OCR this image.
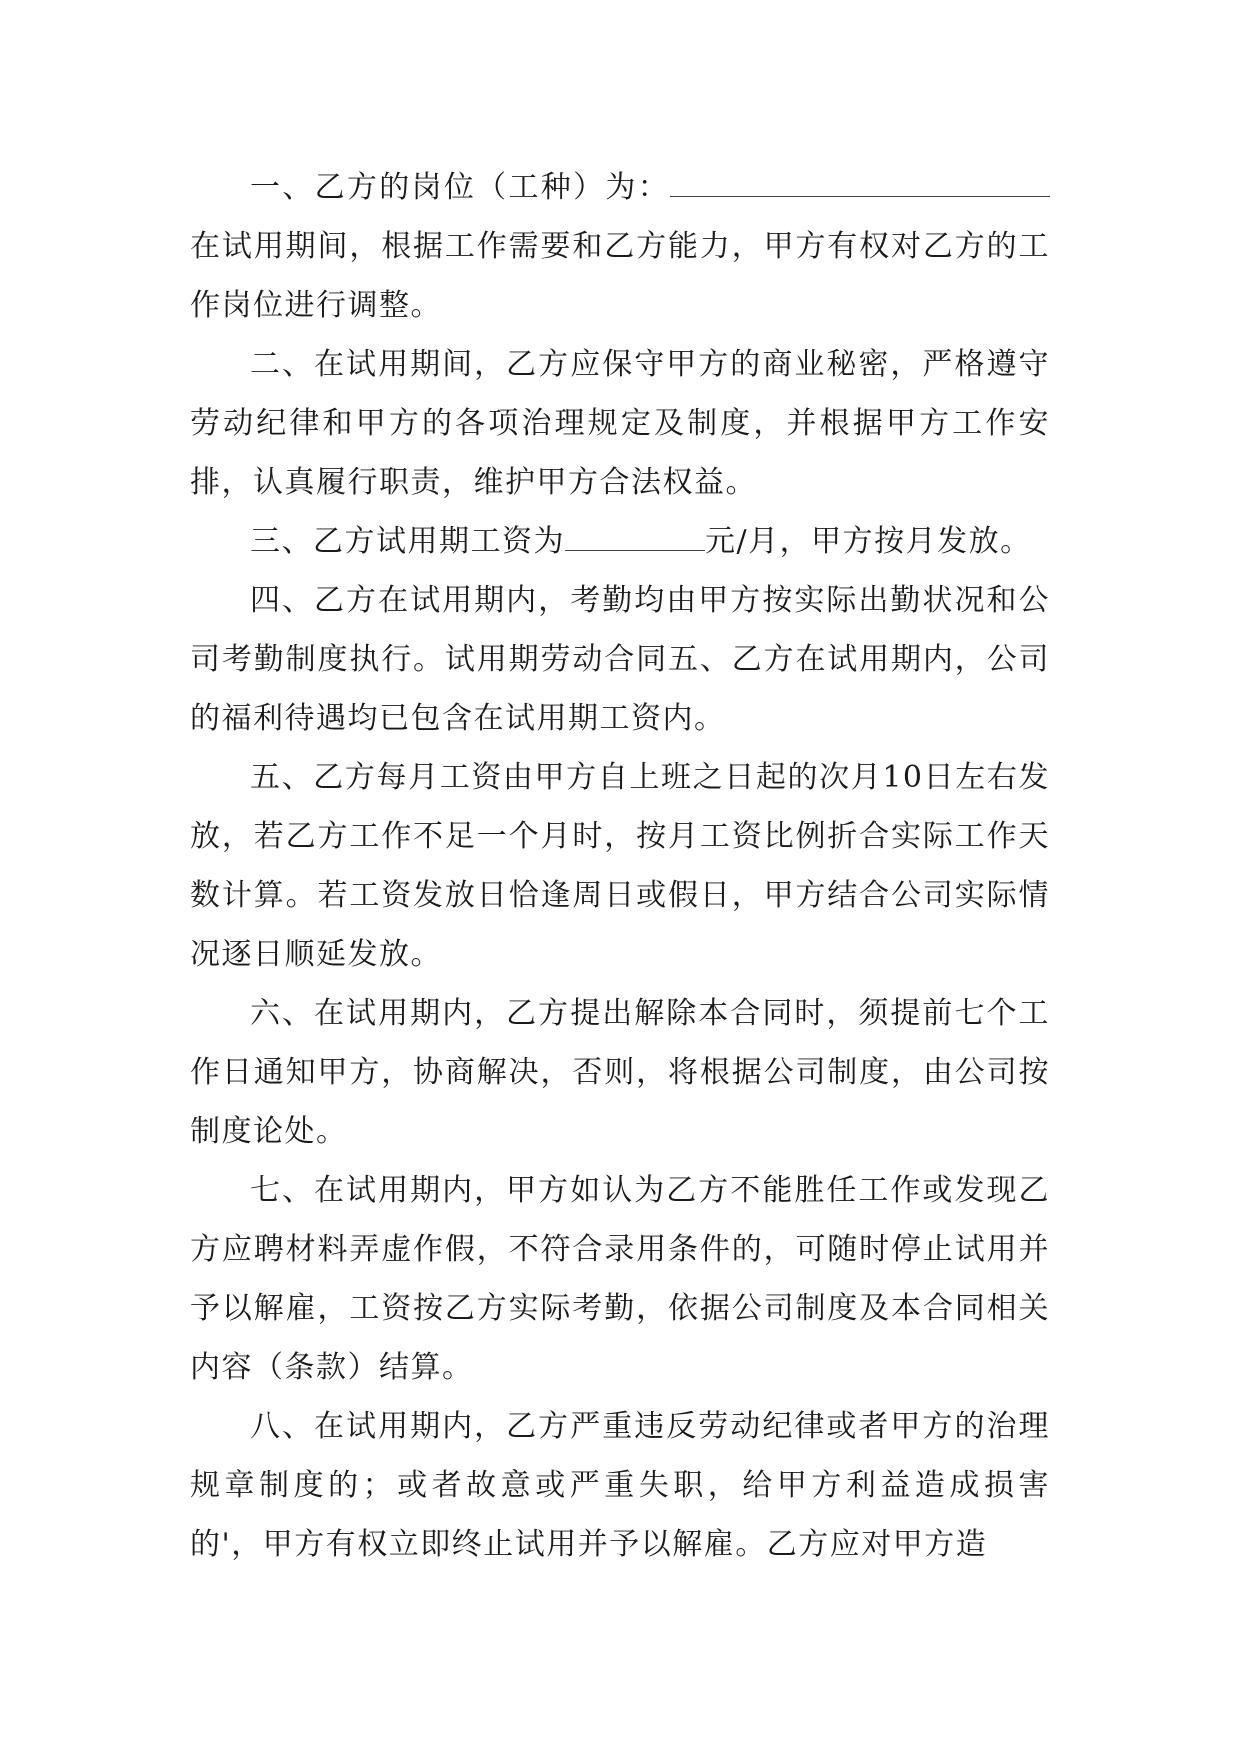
一、乙方的岗位（工种）为：在试用期间，根据工作需要和乙方能力，甲方有权对乙方的工作岗位进行调整。

二、在试用期间，乙方应保守甲方的商业秘密，严格遵守劳动纪律和甲方的各项治理规定及制度，并根据甲方工作安排，认真履行职责，维护甲方合法权益。

三、乙方试用期工资为	元/月，甲方按月发放。

四、乙方在试用期内，考勤均由甲方按实际出勤状况和公司考勤制度执行。试用期劳动合同五、乙方在试用期内，公司的福利待遇均已包含在试用期工资内。

五、乙方每月工资由甲方自上班之日起的次月10日左右发放，若乙方工作不足一个月时，按月工资比例折合实际工作天数计算。若工资发放日恰逢周日或假日，甲方结合公司实际情况逐日顺延发放。

六、在试用期内，乙方提出解除本合同时，须提前七个工作日通知甲方，协商解决，否则，将根据公司制度，由公司按制度论处。

七、在试用期内，甲方如认为乙方不能胜任工作或发现乙方应聘材料弄虚作假，不符合录用条件的，可随时停止试用并予以解雇，工资按乙方实际考勤，依据公司制度及本合同相关内容（条款）结算。

八、在试用期内，乙方严重违反劳动纪律或者甲方的治理规章制度的；或者故意或严重失职，给甲方利益造成损害的'，甲方有权立即终止试用并予以解雇。乙方应对甲方造
